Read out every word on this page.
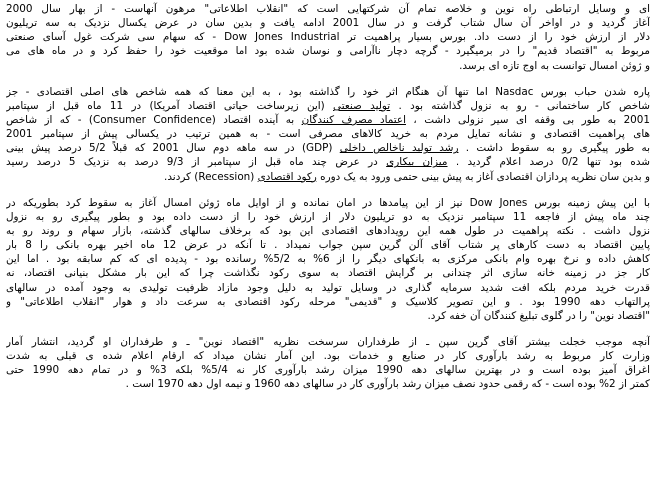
ای و وسایل ارتباطی راه نوین و خلاصه تمام آن شرکتهایی است که "انقلاب اطلاعاتی" مرهون آنهاست - از بهار سال 2000
آغاز گردید و در اواخر آن سال شتاب گرفت و در سال 2001 ادامه یافت و بدین سان در عرض یکسال نزدیک به سه تریلیون
دلار از ارزش خود را از دست داد. بورس بسیار پراهمیت تر Dow Jones Industrial - که سهام سی شرکت غول آسای صنعتی
مربوط به "اقتصاد قدیم" را در برمیگیرد - گرچه دچار ناآرامی و نوسان شده بود اما موقعیت خود را حفظ کرد و در ماه های می
و ژوئن امسال توانست به اوج تازه ای برسد.
پاره شدن حباب بورس Nasdac اما تنها آن هنگام اثر خود را گذاشته بود ، به این معنا که همه شاخص های اصلی اقتصادی - جز
شاخص کار ساختمانی - رو به نزول گذاشته بود . تولید صنعتی (این زیرساخت حیاتی اقتصاد آمریکا) در 11 ماه قبل از سپتامبر
2001 به طور بی وقفه ای سیر نزولی داشت ، اعتماد مصرف کنندگان به آینده اقتصاد (Consumer Confidence) - که از شاخص
های پراهمیت اقتصادی و نشانه تمایل مردم به خرید کالاهای مصرفی است - به همین ترتیب در یکسالی پیش از سپتامبر 2001
به طور پیگیری رو به سقوط داشت . رشد تولید ناخالص داخلی (GDP) در سه ماهه دوم سال 2001 که قبلاً 5/2 درصد پیش بینی
شده بود تنها 0/2 درصد اعلام گردید . میزان بیکاری در عرض چند ماه قبل از سپتامبر از 9/3 درصد به نزدیک 5 درصد رسید
و بدین سان نظریه پردازان اقتصادی آغاز به پیش بینی حتمی ورود به یک دوره رکود اقتصادی (Recession) کردند.
با این پیش زمینه بورس Dow Jones نیز از این پیامدها در امان نمانده و از اوایل ماه ژوئن امسال آغاز به سقوط کرد بطوریکه در
چند ماه پیش از فاجعه 11 سپتامبر نزدیک به دو تریلیون دلار از ارزش خود را از دست داده بود و بطور پیگیری رو به نزول
نزول داشت . نکته پراهمیت در طول همه این رویدادهای اقتصادی این بود که برخلاف سالهای گذشته، بازار سهام و روند رو به
پایین اقتصاد به دست کارهای پر شتاب آقای آلن گرین سپن جواب نمیداد . تا آنکه در عرض 12 ماه اخیر بهره بانکی را 8 بار
کاهش داده و نرخ بهره وام بانکی مرکزی به بانکهای دیگر را از 6% به 5/2% رسانده بود - پدیده ای که کم سابقه بود . اما این
کار جز در زمینه خانه سازی اثر چندانی بر گرایش اقتصاد به سوی رکود نگذاشت چرا که این بار مشکل بنیانی اقتصاد، نه
قدرت خرید مردم بلکه افت شدید سرمایه گذاری در وسایل تولید به دلیل وجود مازاد ظرفیت تولیدی به وجود آمده در سالهای
پرالتهاب دهه 1990 بود . و این تصویر کلاسیک و "قدیمی" مرحله رکود اقتصادی به سرعت داد و هوار "انقلاب اطلاعاتی" و
"اقتصاد نوین" را در گلوی تبلیغ کنندگان آن خفه کرد.
آنچه موجب خجلت بیشتر آقای گرین سپن ـ از طرفداران سرسخت نظریه "اقتصاد نوین" ـ و طرفداران او گردید، انتشار آمار
وزارت کار مربوط به رشد بارآوری کار در صنایع و خدمات بود. این آمار نشان میداد که ارقام اعلام شده ی قبلی به شدت
اغراق آمیز بوده است و در بهترین سالهای دهه 1990 میزان رشد بارآوری کار نه 5/4% بلکه 3% و در تمام دهه 1990 حتی
کمتر از 2% بوده است - که رقمی حدود نصف میزان رشد بارآوری کار در سالهای دهه 1960 و نیمه اول دهه 1970 است .
